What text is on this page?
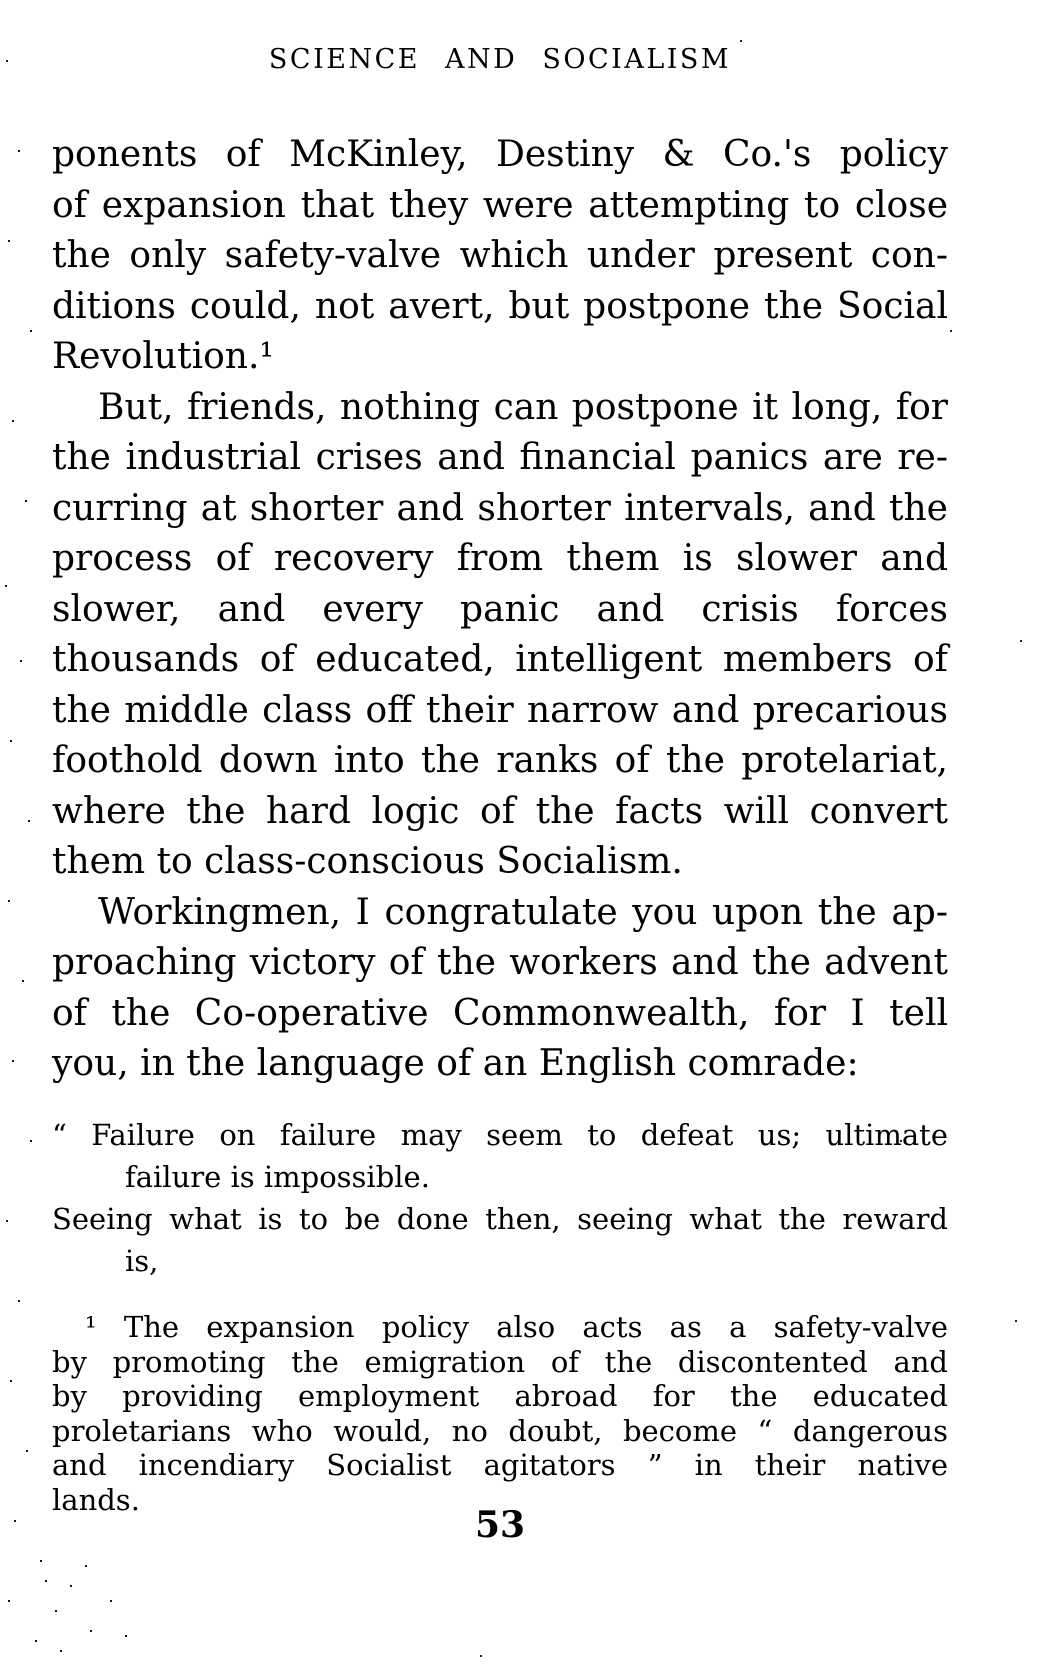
SCIENCE AND SOCIALISM
ponents of McKinley, Destiny & Co.'s policy
of expansion that they were attempting to close
the only safety-valve which under present con-
ditions could, not avert, but postpone the Social
Revolution.¹
But, friends, nothing can postpone it long, for
the industrial crises and financial panics are re-
curring at shorter and shorter intervals, and the
process of recovery from them is slower and
slower, and every panic and crisis forces
thousands of educated, intelligent members of
the middle class off their narrow and precarious
foothold down into the ranks of the protelariat,
where the hard logic of the facts will convert
them to class-conscious Socialism.
Workingmen, I congratulate you upon the ap-
proaching victory of the workers and the advent
of the Co-operative Commonwealth, for I tell
you, in the language of an English comrade:
“ Failure on failure may seem to defeat us; ultimate
failure is impossible.
Seeing what is to be done then, seeing what the reward
is,
¹ The expansion policy also acts as a safety-valve
by promoting the emigration of the discontented and
by providing employment abroad for the educated
proletarians who would, no doubt, become “ dangerous
and incendiary Socialist agitators ” in their native
lands.
53
